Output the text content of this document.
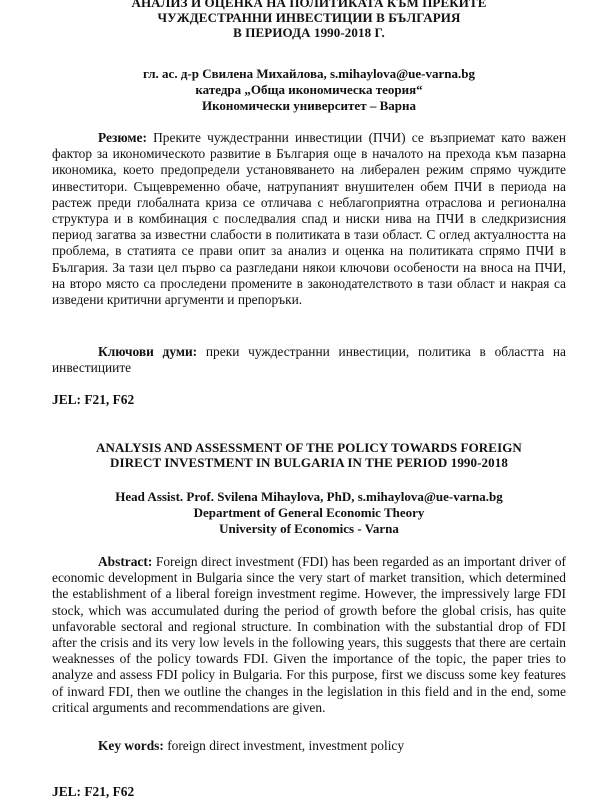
АНАЛИЗ И ОЦЕНКА НА ПОЛИТИКАТА КЪМ ПРЕКИТЕ
ЧУЖДЕСТРАННИ ИНВЕСТИЦИИ В БЪЛГАРИЯ
В ПЕРИОДА 1990-2018 Г.
гл. ас. д-р Свилена Михайлова, s.mihaylova@ue-varna.bg
катедра „Обща икономическа теория“
Икономически университет – Варна

Резюме: Преките чуждестранни инвестиции (ПЧИ) се възприемат като важен фактор за икономическото развитие в България още в началото на прехода към пазарна икономика, което предопредели установяването на либерален режим спрямо чуждите инвеститори. Същевременно обаче, натрупаният внушителен обем ПЧИ в периода на растеж преди глобалната криза се отличава с неблагоприятна отраслова и регионална структура и в комбинация с последвалия спад и ниски нива на ПЧИ в следкризисния период загатва за известни слабости в политиката в тази област. С оглед актуалността на проблема, в статията се прави опит за анализ и оценка на политиката спрямо ПЧИ в България. За тази цел първо са разгледани някои ключови особености на вноса на ПЧИ, на второ място са проследени промените в законодателството в тази област и накрая са изведени критични аргументи и препоръки.

Ключови думи: преки чуждестранни инвестиции, политика в областта на инвестициите

JEL: F21, F62
ANALYSIS AND ASSESSMENT OF THE POLICY TOWARDS FOREIGN
DIRECT INVESTMENT IN BULGARIA IN THE PERIOD 1990-2018
Head Assist. Prof. Svilena Mihaylova, PhD, s.mihaylova@ue-varna.bg
Department of General Economic Theory
University of Economics - Varna

Abstract: Foreign direct investment (FDI) has been regarded as an important driver of economic development in Bulgaria since the very start of market transition, which determined the establishment of a liberal foreign investment regime. However, the impressively large FDI stock, which was accumulated during the period of growth before the global crisis, has quite unfavorable sectoral and regional structure. In combination with the substantial drop of FDI after the crisis and its very low levels in the following years, this suggests that there are certain weaknesses of the policy towards FDI. Given the importance of the topic, the paper tries to analyze and assess FDI policy in Bulgaria. For this purpose, first we discuss some key features of inward FDI, then we outline the changes in the legislation in this field and in the end, some critical arguments and recommendations are given.

Key words: foreign direct investment, investment policy

JEL: F21, F62
